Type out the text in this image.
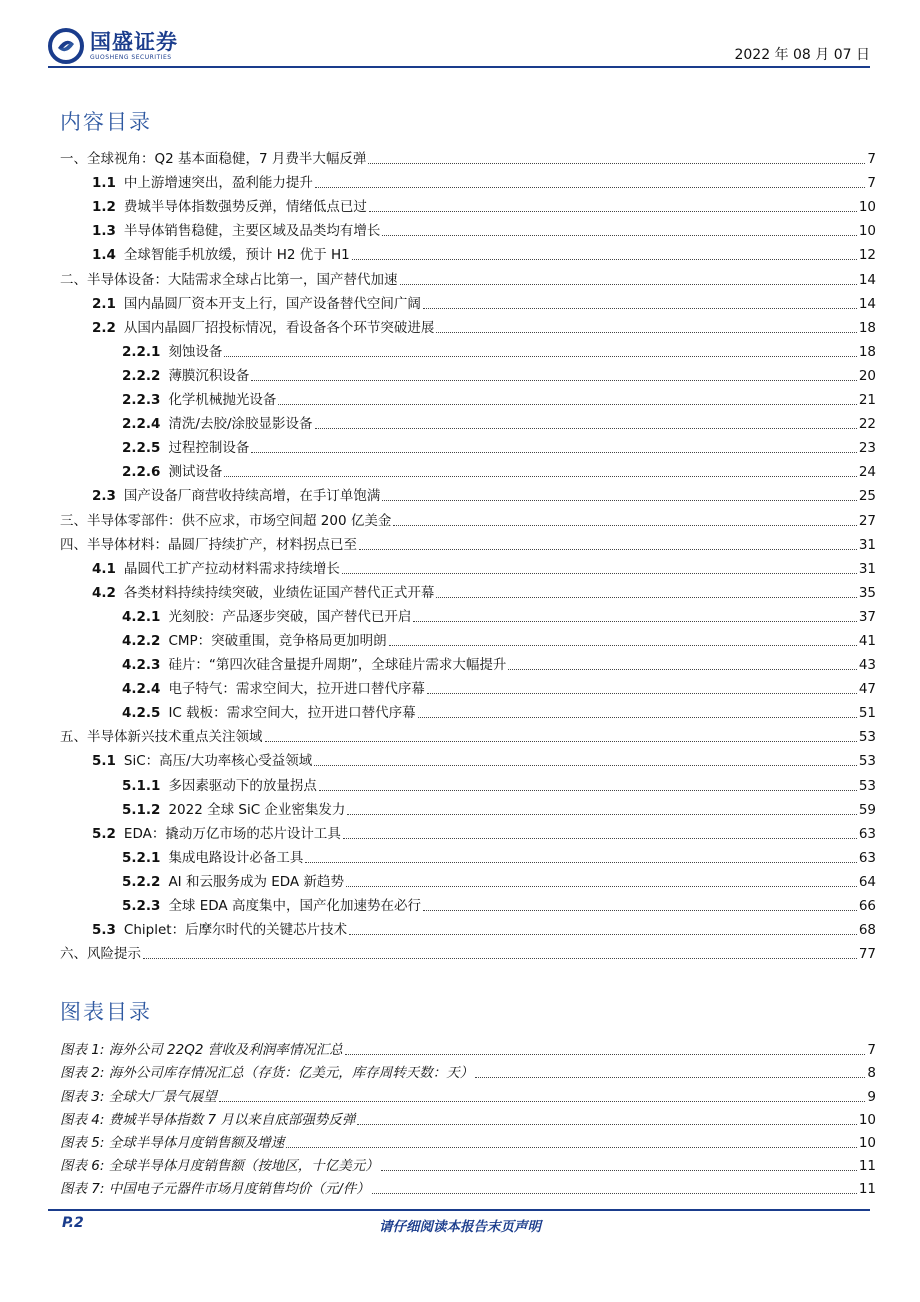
国盛证券
GUOSHENG SECURITIES	2022 年 08 月 07 日
内容目录
一、全球视角：Q2 基本面稳健，7 月费半大幅反弹	7
1.1 中上游增速突出，盈利能力提升	7
1.2 费城半导体指数强势反弹，情绪低点已过	10
1.3 半导体销售稳健，主要区域及品类均有增长	10
1.4 全球智能手机放缓，预计 H2 优于 H1	12
二、半导体设备：大陆需求全球占比第一，国产替代加速	14
2.1 国内晶圆厂资本开支上行，国产设备替代空间广阔	14
2.2 从国内晶圆厂招投标情况，看设备各个环节突破进展	18
2.2.1 刻蚀设备	18
2.2.2 薄膜沉积设备	20
2.2.3 化学机械抛光设备	21
2.2.4 清洗/去胶/涂胶显影设备	22
2.2.5 过程控制设备	23
2.2.6 测试设备	24
2.3 国产设备厂商营收持续高增，在手订单饱满	25
三、半导体零部件：供不应求，市场空间超 200 亿美金	27
四、半导体材料：晶圆厂持续扩产，材料拐点已至	31
4.1 晶圆代工扩产拉动材料需求持续增长	31
4.2 各类材料持续持续突破，业绩佐证国产替代正式开幕	35
4.2.1 光刻胶：产品逐步突破，国产替代已开启	37
4.2.2 CMP：突破重围，竞争格局更加明朗	41
4.2.3 硅片：“第四次硅含量提升周期”，全球硅片需求大幅提升	43
4.2.4 电子特气：需求空间大，拉开进口替代序幕	47
4.2.5 IC 载板：需求空间大，拉开进口替代序幕	51
五、半导体新兴技术重点关注领域	53
5.1 SiC：高压/大功率核心受益领域	53
5.1.1 多因素驱动下的放量拐点	53
5.1.2 2022 全球 SiC 企业密集发力	59
5.2 EDA：撬动万亿市场的芯片设计工具	63
5.2.1 集成电路设计必备工具	63
5.2.2 AI 和云服务成为 EDA 新趋势	64
5.2.3 全球 EDA 高度集中，国产化加速势在必行	66
5.3 Chiplet：后摩尔时代的关键芯片技术	68
六、风险提示	77
图表目录
图表 1: 海外公司 22Q2 营收及利润率情况汇总	7
图表 2: 海外公司库存情况汇总（存货：亿美元，库存周转天数：天）	8
图表 3: 全球大厂景气展望	9
图表 4: 费城半导体指数 7 月以来自底部强势反弹	10
图表 5: 全球半导体月度销售额及增速	10
图表 6: 全球半导体月度销售额（按地区，十亿美元）	11
图表 7: 中国电子元器件市场月度销售均价（元/件）	11
P.2	请仔细阅读本报告末页声明
